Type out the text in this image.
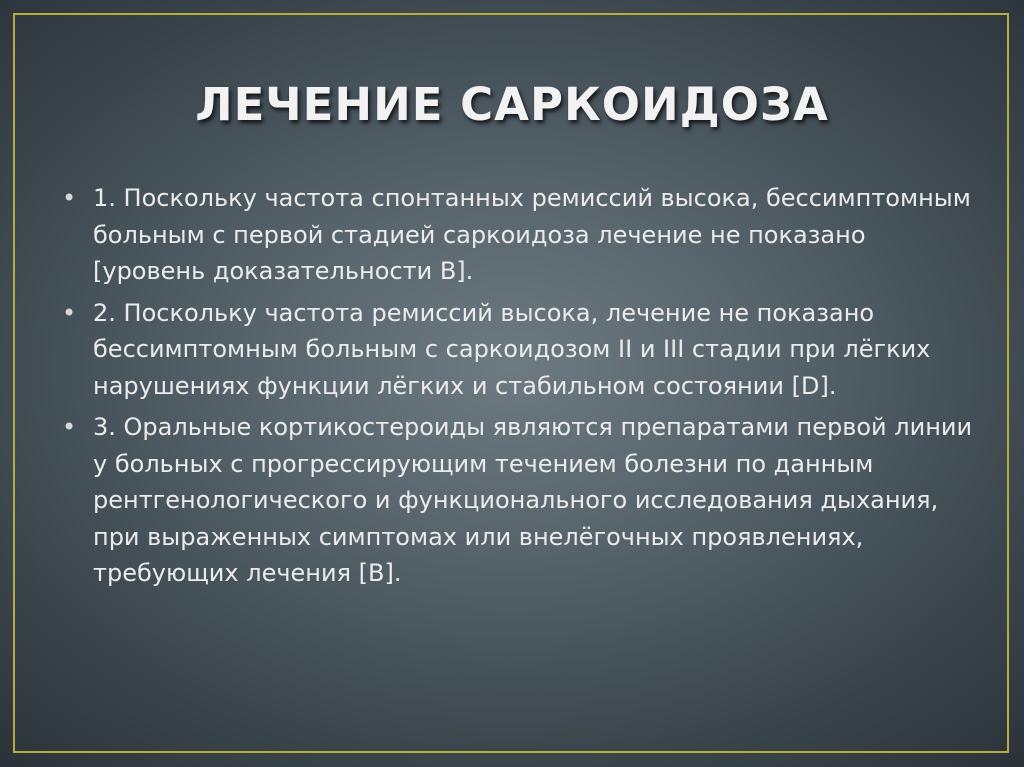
ЛЕЧЕНИЕ САРКОИДОЗА
• 1. Поскольку частота спонтанных ремиссий высока, бессимптомным больным с первой стадией саркоидоза лечение не показано [уровень доказательности B].
• 2. Поскольку частота ремиссий высока, лечение не показано бессимптомным больным с саркоидозом II и III стадии при лёгких нарушениях функции лёгких и стабильном состоянии [D].
• 3. Оральные кортикостероиды являются препаратами первой линии у больных с прогрессирующим течением болезни по данным рентгенологического и функционального исследования дыхания, при выраженных симптомах или внелёгочных проявлениях, требующих лечения [B].
